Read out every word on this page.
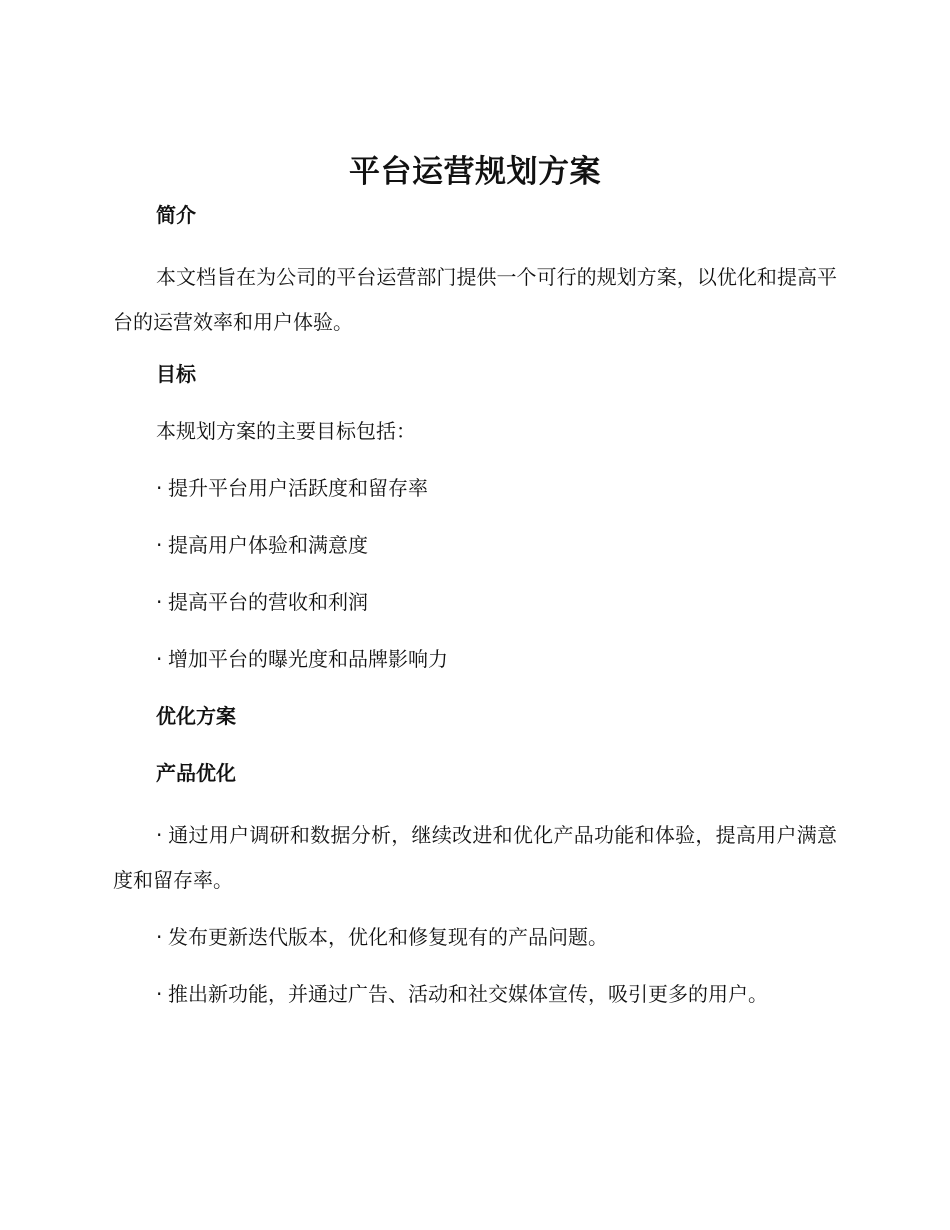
平台运营规划方案
简介

本文档旨在为公司的平台运营部门提供一个可行的规划方案，以优化和提高平台的运营效率和用户体验。

目标

本规划方案的主要目标包括：

· 提升平台用户活跃度和留存率
· 提高用户体验和满意度
· 提高平台的营收和利润
· 增加平台的曝光度和品牌影响力
优化方案
产品优化
· 通过用户调研和数据分析，继续改进和优化产品功能和体验，提高用户满意度和留存率。
· 发布更新迭代版本，优化和修复现有的产品问题。
· 推出新功能，并通过广告、活动和社交媒体宣传，吸引更多的用户。
